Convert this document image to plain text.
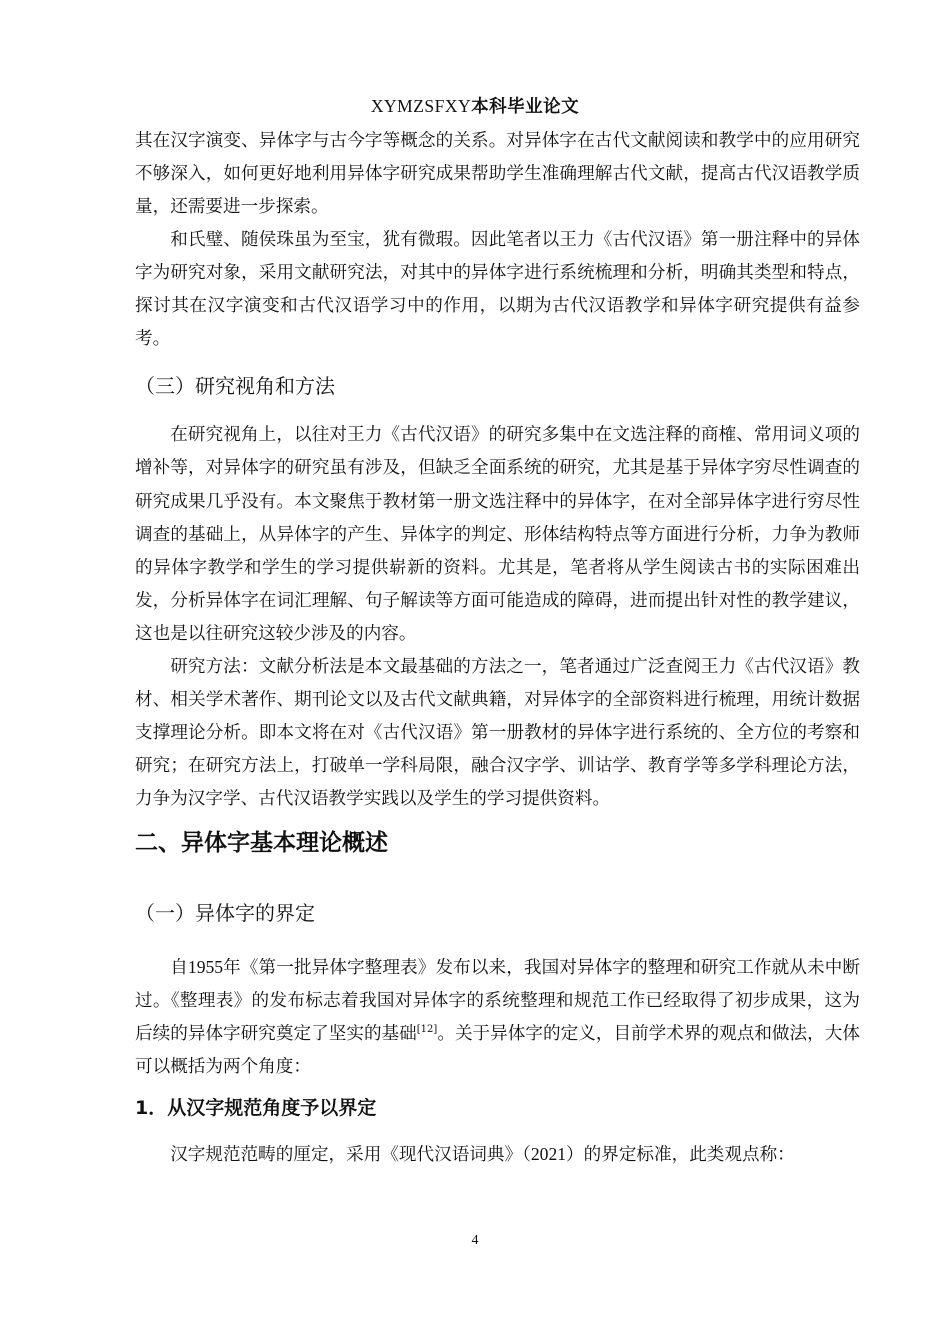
XYMZSFXY本科毕业论文

其在汉字演变、异体字与古今字等概念的关系。对异体字在古代文献阅读和教学中的应用研究不够深入，如何更好地利用异体字研究成果帮助学生准确理解古代文献，提高古代汉语教学质量，还需要进一步探索。

和氏璧、随侯珠虽为至宝，犹有微瑕。因此笔者以王力《古代汉语》第一册注释中的异体字为研究对象，采用文献研究法，对其中的异体字进行系统梳理和分析，明确其类型和特点，探讨其在汉字演变和古代汉语学习中的作用，以期为古代汉语教学和异体字研究提供有益参考。

（三）研究视角和方法

在研究视角上，以往对王力《古代汉语》的研究多集中在文选注释的商榷、常用词义项的增补等，对异体字的研究虽有涉及，但缺乏全面系统的研究，尤其是基于异体字穷尽性调查的研究成果几乎没有。本文聚焦于教材第一册文选注释中的异体字，在对全部异体字进行穷尽性调查的基础上，从异体字的产生、异体字的判定、形体结构特点等方面进行分析，力争为教师的异体字教学和学生的学习提供崭新的资料。尤其是，笔者将从学生阅读古书的实际困难出发，分析异体字在词汇理解、句子解读等方面可能造成的障碍，进而提出针对性的教学建议，这也是以往研究这较少涉及的内容。

研究方法：文献分析法是本文最基础的方法之一，笔者通过广泛查阅王力《古代汉语》教材、相关学术著作、期刊论文以及古代文献典籍，对异体字的全部资料进行梳理，用统计数据支撑理论分析。即本文将在对《古代汉语》第一册教材的异体字进行系统的、全方位的考察和研究；在研究方法上，打破单一学科局限，融合汉字学、训诂学、教育学等多学科理论方法，力争为汉字学、古代汉语教学实践以及学生的学习提供资料。

二、异体字基本理论概述
（一）异体字的界定

自1955年《第一批异体字整理表》发布以来，我国对异体字的整理和研究工作就从未中断过。《整理表》的发布标志着我国对异体字的系统整理和规范工作已经取得了初步成果，这为后续的异体字研究奠定了坚实的基础[12]。关于异体字的定义，目前学术界的观点和做法，大体可以概括为两个角度：

1．从汉字规范角度予以界定

汉字规范范畴的厘定，采用《现代汉语词典》（2021）的界定标准，此类观点称：

4
